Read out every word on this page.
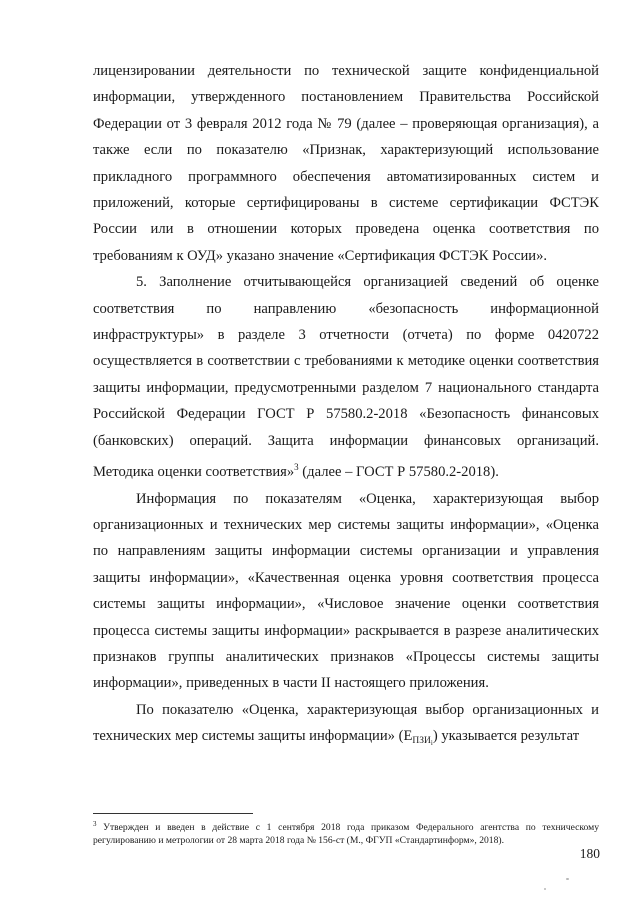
лицензировании деятельности по технической защите конфиденциальной информации, утвержденного постановлением Правительства Российской Федерации от 3 февраля 2012 года № 79 (далее – проверяющая организация), а также если по показателю «Признак, характеризующий использование прикладного программного обеспечения автоматизированных систем и приложений, которые сертифицированы в системе сертификации ФСТЭК России или в отношении которых проведена оценка соответствия по требованиям к ОУД» указано значение «Сертификация ФСТЭК России».

5. Заполнение отчитывающейся организацией сведений об оценке соответствия по направлению «безопасность информационной инфраструктуры» в разделе 3 отчетности (отчета) по форме 0420722 осуществляется в соответствии с требованиями к методике оценки соответствия защиты информации, предусмотренными разделом 7 национального стандарта Российской Федерации ГОСТ Р 57580.2-2018 «Безопасность финансовых (банковских) операций. Защита информации финансовых организаций. Методика оценки соответствия»$^3$ (далее – ГОСТ Р 57580.2-2018).

Информация по показателям «Оценка, характеризующая выбор организационных и технических мер системы защиты информации», «Оценка по направлениям защиты информации системы организации и управления защиты информации», «Качественная оценка уровня соответствия процесса системы защиты информации», «Числовое значение оценки соответствия процесса системы защиты информации» раскрывается в разрезе аналитических признаков группы аналитических признаков «Процессы системы защиты информации», приведенных в части II настоящего приложения.

По показателю «Оценка, характеризующая выбор организационных и технических мер системы защиты информации» $(E_{ПЗИ_i})$ указывается результат

$^3$ Утвержден и введен в действие с 1 сентября 2018 года приказом Федерального агентства по техническому регулированию и метрологии от 28 марта 2018 года № 156-ст (М., ФГУП «Стандартинформ», 2018).
180
